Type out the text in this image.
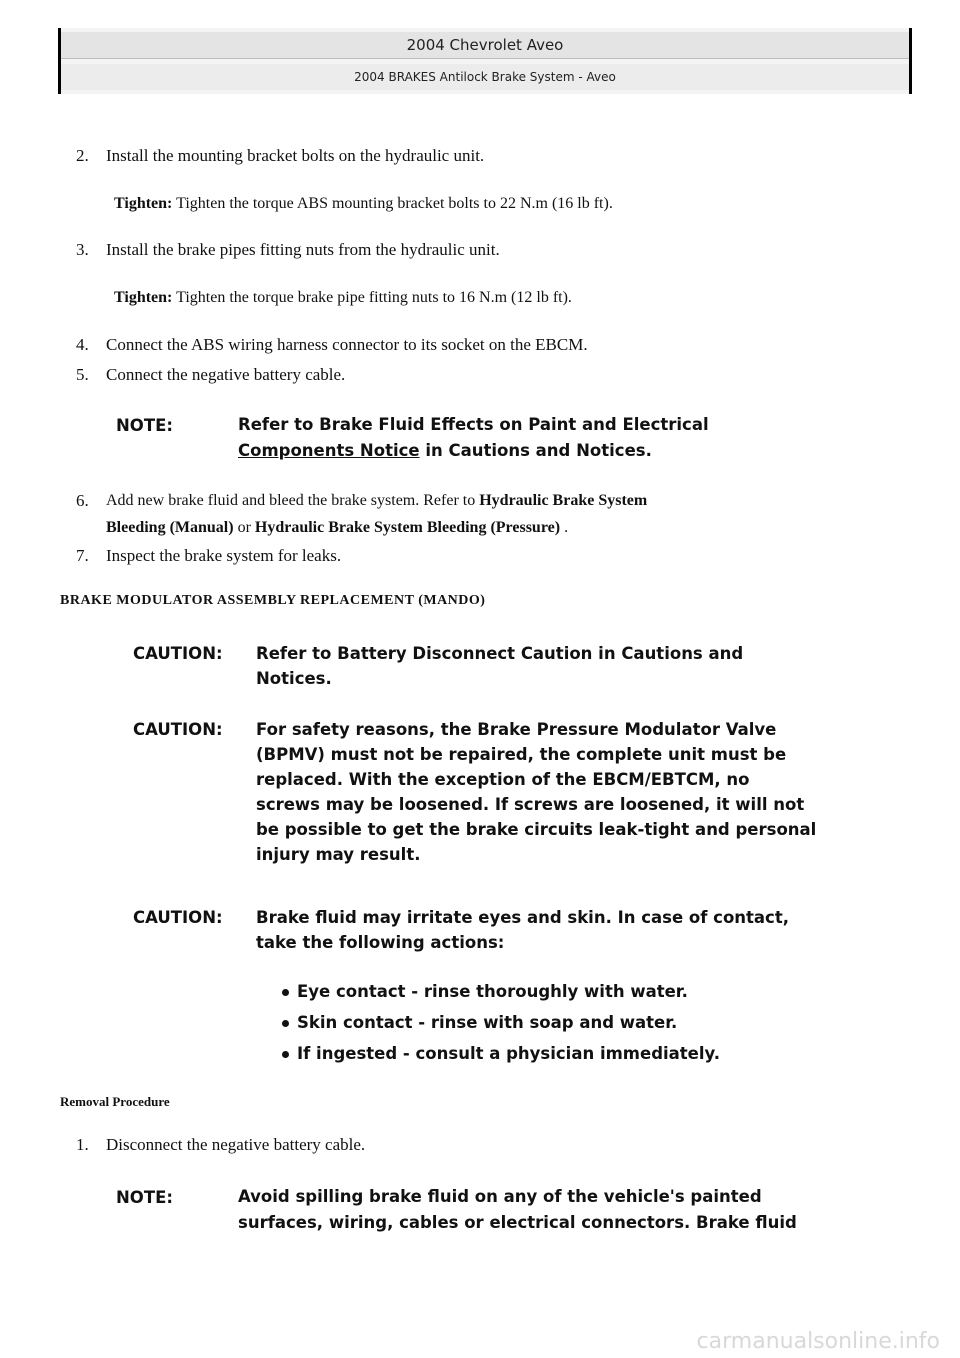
2004 Chevrolet Aveo
2004 BRAKES Antilock Brake System - Aveo
2. Install the mounting bracket bolts on the hydraulic unit.
Tighten: Tighten the torque ABS mounting bracket bolts to 22 N.m (16 lb ft).
3. Install the brake pipes fitting nuts from the hydraulic unit.
Tighten: Tighten the torque brake pipe fitting nuts to 16 N.m (12 lb ft).
4. Connect the ABS wiring harness connector to its socket on the EBCM.
5. Connect the negative battery cable.
NOTE:	Refer to Brake Fluid Effects on Paint and Electrical
Components Notice in Cautions and Notices.
6. Add new brake fluid and bleed the brake system. Refer to Hydraulic Brake System
Bleeding (Manual) or Hydraulic Brake System Bleeding (Pressure) .
7. Inspect the brake system for leaks.
BRAKE MODULATOR ASSEMBLY REPLACEMENT (MANDO)
CAUTION: Refer to Battery Disconnect Caution in Cautions and
Notices.
CAUTION: For safety reasons, the Brake Pressure Modulator Valve
(BPMV) must not be repaired, the complete unit must be
replaced. With the exception of the EBCM/EBTCM, no
screws may be loosened. If screws are loosened, it will not
be possible to get the brake circuits leak-tight and personal
injury may result.
CAUTION: Brake fluid may irritate eyes and skin. In case of contact,
take the following actions:
Eye contact - rinse thoroughly with water.
Skin contact - rinse with soap and water.
If ingested - consult a physician immediately.
Removal Procedure
1. Disconnect the negative battery cable.
NOTE:	Avoid spilling brake fluid on any of the vehicle's painted
surfaces, wiring, cables or electrical connectors. Brake fluid
carmanualsonline.info
